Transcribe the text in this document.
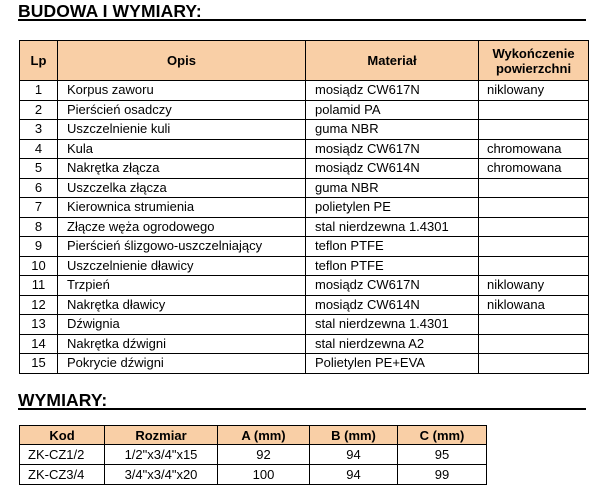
BUDOWA I WYMIARY:
Lp	Opis	Materiał	Wykończenie powierzchni
1	Korpus zaworu	mosiądz CW617N	niklowany
2	Pierścień osadczy	polamid PA	
3	Uszczelnienie kuli	guma NBR	
4	Kula	mosiądz CW617N	chromowana
5	Nakrętka złącza	mosiądz CW614N	chromowana
6	Uszczelka złącza	guma NBR	
7	Kierownica strumienia	polietylen PE	
8	Złącze węża ogrodowego	stal nierdzewna 1.4301	
9	Pierścień ślizgowo-uszczelniający	teflon PTFE	
10	Uszczelnienie dławicy	teflon PTFE	
11	Trzpień	mosiądz CW617N	niklowany
12	Nakrętka dławicy	mosiądz CW614N	niklowana
13	Dźwignia	stal nierdzewna 1.4301	
14	Nakrętka dźwigni	stal nierdzewna A2	
15	Pokrycie dźwigni	Polietylen PE+EVA	
WYMIARY:
Kod	Rozmiar	A (mm)	B (mm)	C (mm)
ZK-CZ1/2	1/2"x3/4"x15	92	94	95
ZK-CZ3/4	3/4"x3/4"x20	100	94	99
